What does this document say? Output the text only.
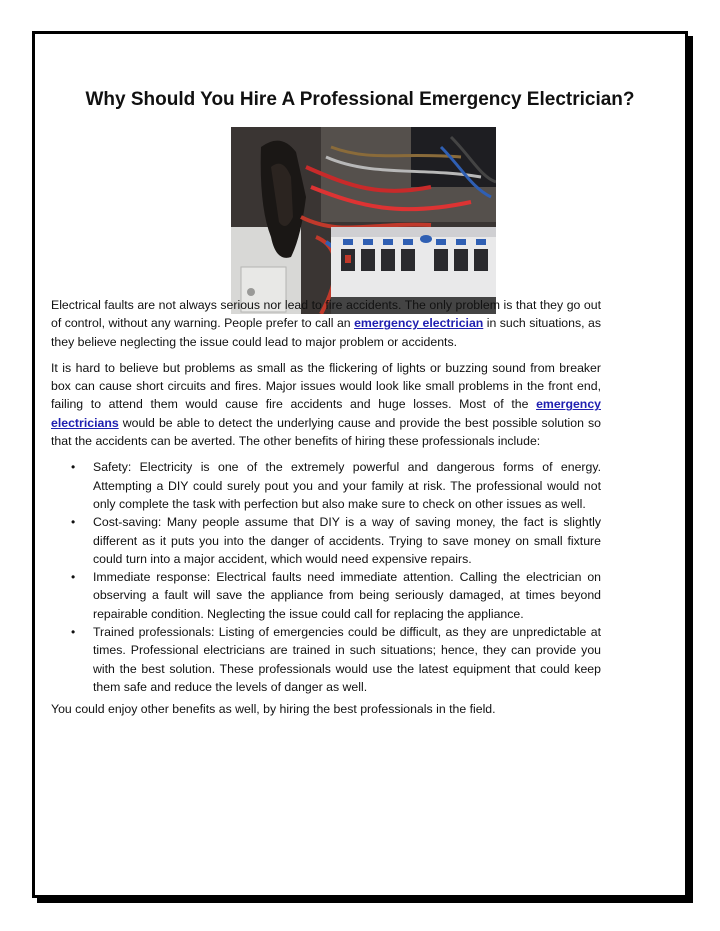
Why Should You Hire A Professional Emergency Electrician?

Electrical faults are not always serious nor lead to fire accidents. The only problem is that they go out of control, without any warning. People prefer to call an emergency electrician in such situations, as they believe neglecting the issue could lead to major problem or accidents.

It is hard to believe but problems as small as the flickering of lights or buzzing sound from breaker box can cause short circuits and fires. Major issues would look like small problems in the front end, failing to attend them would cause fire accidents and huge losses. Most of the emergency electricians would be able to detect the underlying cause and provide the best possible solution so that the accidents can be averted. The other benefits of hiring these professionals include:

• Safety: Electricity is one of the extremely powerful and dangerous forms of energy. Attempting a DIY could surely pout you and your family at risk. The professional would not only complete the task with perfection but also make sure to check on other issues as well.
• Cost-saving: Many people assume that DIY is a way of saving money, the fact is slightly different as it puts you into the danger of accidents. Trying to save money on small fixture could turn into a major accident, which would need expensive repairs.
• Immediate response: Electrical faults need immediate attention. Calling the electrician on observing a fault will save the appliance from being seriously damaged, at times beyond repairable condition. Neglecting the issue could call for replacing the appliance.
• Trained professionals: Listing of emergencies could be difficult, as they are unpredictable at times. Professional electricians are trained in such situations; hence, they can provide you with the best solution. These professionals would use the latest equipment that could keep them safe and reduce the levels of danger as well.

You could enjoy other benefits as well, by hiring the best professionals in the field.
